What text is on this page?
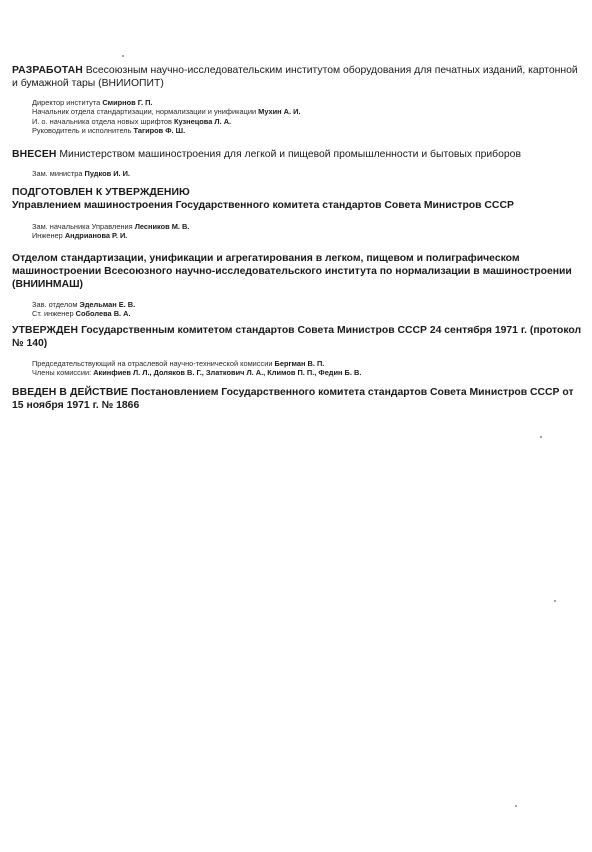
РАЗРАБОТАН Всесоюзным научно-исследовательским институтом оборудования для печатных изданий, картонной и бумажной тары (ВНИИОПИТ)

Директор института Смирнов Г. П.

Начальник отдела стандартизации, нормализации и унификации Мухин А. И.

И. о. начальника отдела новых шрифтов Кузнецова Л. А.

Руководитель и исполнитель Тагиров Ф. Ш.

ВНЕСЕН Министерством машиностроения для легкой и пищевой промышленности и бытовых приборов

Зам. министра Пудков И. И.

ПОДГОТОВЛЕН К УТВЕРЖДЕНИЮ

Управлением машиностроения Государственного комитета стандартов Совета Министров СССР

Зам. начальника Управления Лесников М. В.

Инженер Андрианова Р. И.

Отделом стандартизации, унификации и агрегатирования в легком, пищевом и полиграфическом машиностроении Всесоюзного научно-исследовательского института по нормализации в машиностроении (ВНИИНМАШ)

Зав. отделом Эдельман Е. В.

Ст. инженер Соболева В. А.

УТВЕРЖДЕН Государственным комитетом стандартов Совета Министров СССР 24 сентября 1971 г. (протокол № 140)

Председательствующий на отраслевой научно-технической комиссии Бергман В. П.

Члены комиссии: Акинфиев Л. Л., Доляков В. Г., Златкович Л. А., Климов П. П., Федин Б. В.

ВВЕДЕН В ДЕЙСТВИЕ Постановлением Государственного комитета стандартов Совета Министров СССР от 15 ноября 1971 г. № 1866
